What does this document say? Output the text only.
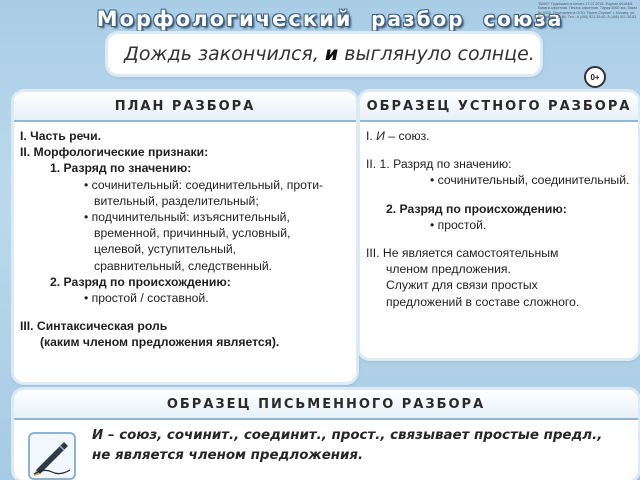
Морфологический разбор союза
"ВАКО" Подписано в печать 17.07.2018. Формат 60×84/8. Бумага офсетная. Печать офсетная. Тираж 5000 экз. Заказ № 5432. Отпечатано в ООО "Принт-Сервис" г. Москва, ул. Бутырская, д. 86. Тел.: 8 (495) 921-35-62, 8 (495) 921-35-63
Дождь закончился, и выглянуло солнце.
0+
ПЛАН РАЗБОРА
I. Часть речи.
II. Морфологические признаки:
1. Разряд по значению:
• сочинительный: соединительный, проти-
вительный, разделительный;
• подчинительный: изъяснительный,
временной, причинный, условный,
целевой, уступительный,
сравнительный, следственный.
2. Разряд по происхождению:
• простой / составной.
III. Синтаксическая роль
(каким членом предложения является).
ОБРАЗЕЦ УСТНОГО РАЗБОРА
I. И – союз.
II. 1. Разряд по значению:
• сочинительный, соединительный.
2. Разряд по происхождению:
• простой.
III. Не является самостоятельным
членом предложения.
Служит для связи простых
предложений в составе сложного.
ОБРАЗЕЦ ПИСЬМЕННОГО РАЗБОРА
И – союз, сочинит., соединит., прост., связывает простые предл.,
не является членом предложения.
